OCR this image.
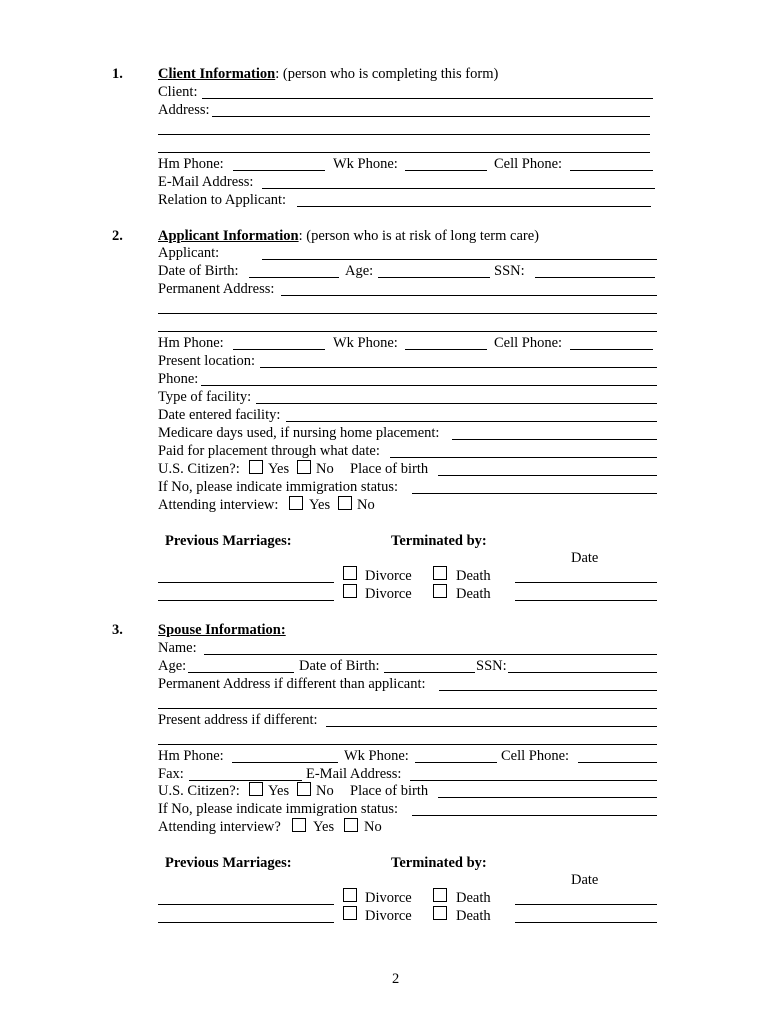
1. Client Information: (person who is completing this form)
Client:
Address:
Hm Phone:	Wk Phone:	Cell Phone:
E-Mail Address:
Relation to Applicant:
2. Applicant Information: (person who is at risk of long term care)
Applicant:
Date of Birth:	Age:	SSN:
Permanent Address:
Hm Phone:	Wk Phone:	Cell Phone:
Present location:
Phone:
Type of facility:
Date entered facility:
Medicare days used, if nursing home placement:
Paid for placement through what date:
U.S. Citizen?: Yes No Place of birth
If No, please indicate immigration status:
Attending interview: Yes No
Previous Marriages:	Terminated by:
Date
Divorce	Death
Divorce	Death
3. Spouse Information:
Name:
Age:	Date of Birth:	SSN:
Permanent Address if different than applicant:
Present address if different:
Hm Phone:	Wk Phone:	Cell Phone:
Fax:	E-Mail Address:
U.S. Citizen?: Yes No Place of birth
If No, please indicate immigration status:
Attending interview? Yes No
Previous Marriages:	Terminated by:
Date
Divorce	Death
Divorce	Death
2
